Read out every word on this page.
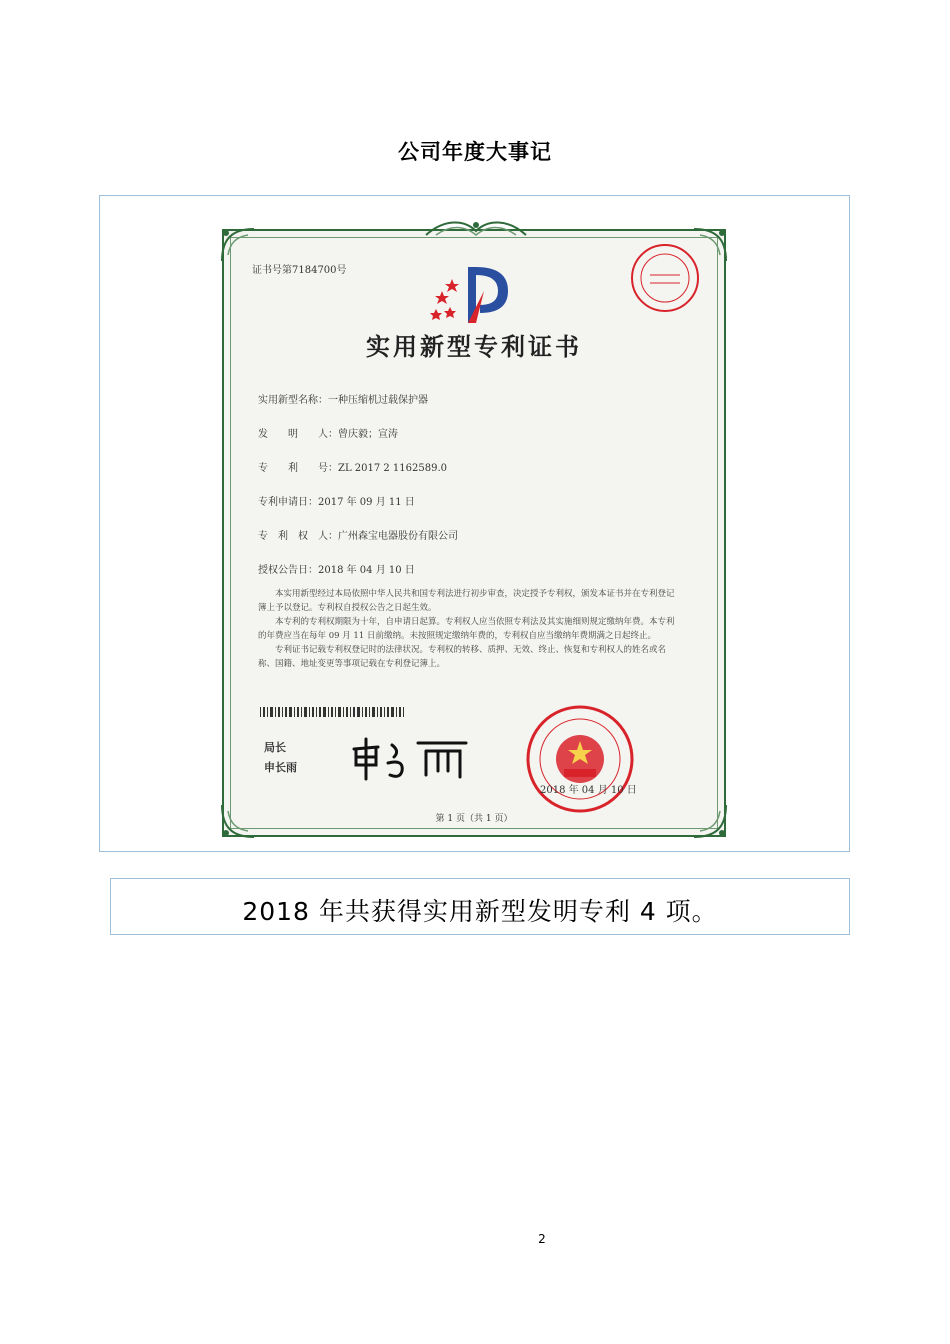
公司年度大事记
证书号第7184700号
实用新型专利证书
实用新型名称：一种压缩机过载保护器
发　　明　　人：曾庆毅；宣涛
专　　利　　号：ZL 2017 2 1162589.0
专利申请日：2017 年 09 月 11 日
专　利　权　人：广州森宝电器股份有限公司
授权公告日：2018 年 04 月 10 日

本实用新型经过本局依照中华人民共和国专利法进行初步审查，决定授予专利权，颁发本证书并在专利登记簿上予以登记。专利权自授权公告之日起生效。

本专利的专利权期限为十年，自申请日起算。专利权人应当依照专利法及其实施细则规定缴纳年费。本专利的年费应当在每年 09 月 11 日前缴纳。未按照规定缴纳年费的，专利权自应当缴纳年费期满之日起终止。

专利证书记载专利权登记时的法律状况。专利权的转移、质押、无效、终止、恢复和专利权人的姓名或名称、国籍、地址变更等事项记载在专利登记簿上。

局长
申长雨
2018 年 04 月 10 日
第 1 页（共 1 页）
2018 年共获得实用新型发明专利 4 项。
2
